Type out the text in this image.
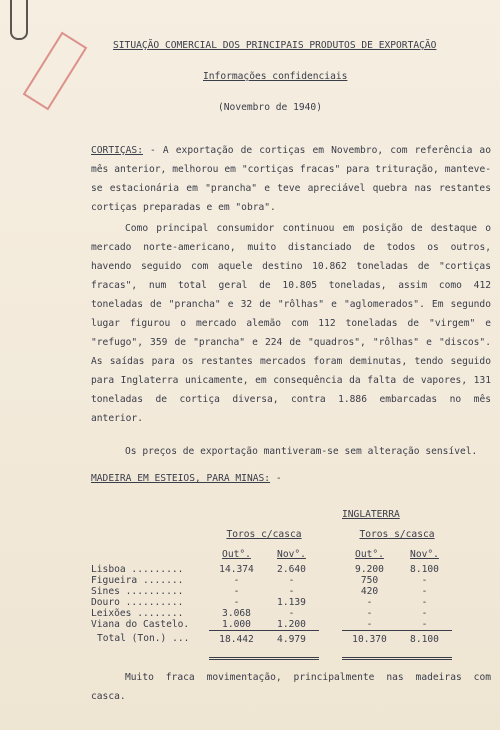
SITUAÇÃO COMERCIAL DOS PRINCIPAIS PRODUTOS DE EXPORTAÇÃO
Informações confidenciais
(Novembro de 1940)
CORTIÇAS: - A exportação de cortiças em Novembro, com referência ao mês anterior, melhorou em "cortiças fracas" para trituração, manteve-se estacionária em "prancha" e teve apreciável quebra nas restantes cortiças preparadas e em "obra".
Como principal consumidor continuou em posição de destaque o mercado norte-americano, muito distanciado de todos os outros, havendo seguido com aquele destino 10.862 toneladas de "cortiças fracas", num total geral de 10.805 toneladas, assim como 412 toneladas de "prancha" e 32 de "rôlhas" e "aglomerados". Em segundo lugar figurou o mercado alemão com 112 toneladas de "virgem" e "refugo", 359 de "prancha" e 224 de "quadros", "rôlhas" e "discos". As saídas para os restantes mercados foram deminutas, tendo seguido para Inglaterra unicamente, em consequência da falta de vapores, 131 toneladas de cortiça diversa, contra 1.886 embarcadas no mês anterior.
Os preços de exportação mantiveram-se sem alteração sensível.
MADEIRA EM ESTEIOS, PARA MINAS: -
				INGLATERRA	
	Toros c/casca			Toros s/casca	
	Out°.	Nov°.		Out°.	Nov°.
Lisboa .........	14.374	2.640		9.200	8.100
Figueira .......	-	-		750	-
Sines ..........	-	-		420	-
Douro ..........	-	1.139		-	-
Leixões ........	3.068	-		-	-
Viana do Castelo.	1.000	1.200		-	-
Total (Ton.) ...	18.442	4.979		10.370	8.100

Muito fraca movimentação, principalmente nas madeiras com casca.
